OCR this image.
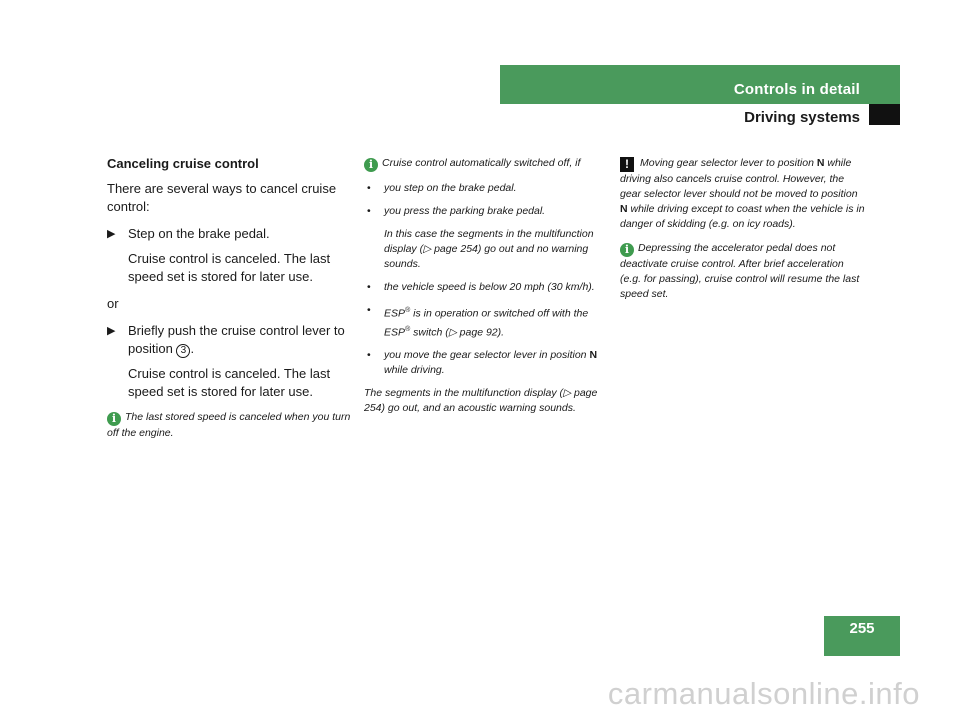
Controls in detail
Driving systems
Canceling cruise control
There are several ways to cancel cruise control:
▶ Step on the brake pedal.
Cruise control is canceled. The last speed set is stored for later use.
or
▶ Briefly push the cruise control lever to position 3 .
Cruise control is canceled. The last speed set is stored for later use.
i The last stored speed is canceled when you turn off the engine.
i Cruise control automatically switched off, if
• you step on the brake pedal.
• you press the parking brake pedal.
In this case the segments in the multifunction display (▷ page 254) go out and no warning sounds.
• the vehicle speed is below 20 mph (30 km/h).
• ESP® is in operation or switched off with the ESP® switch (▷ page 92).
• you move the gear selector lever in position N while driving.
The segments in the multifunction display (▷ page 254) go out, and an acoustic warning sounds.
! Moving gear selector lever to position N while driving also cancels cruise control. However, the gear selector lever should not be moved to position N while driving except to coast when the vehicle is in danger of skidding (e.g. on icy roads).
i Depressing the accelerator pedal does not deactivate cruise control. After brief acceleration (e.g. for passing), cruise control will resume the last speed set.
255
carmanualsonline.info
